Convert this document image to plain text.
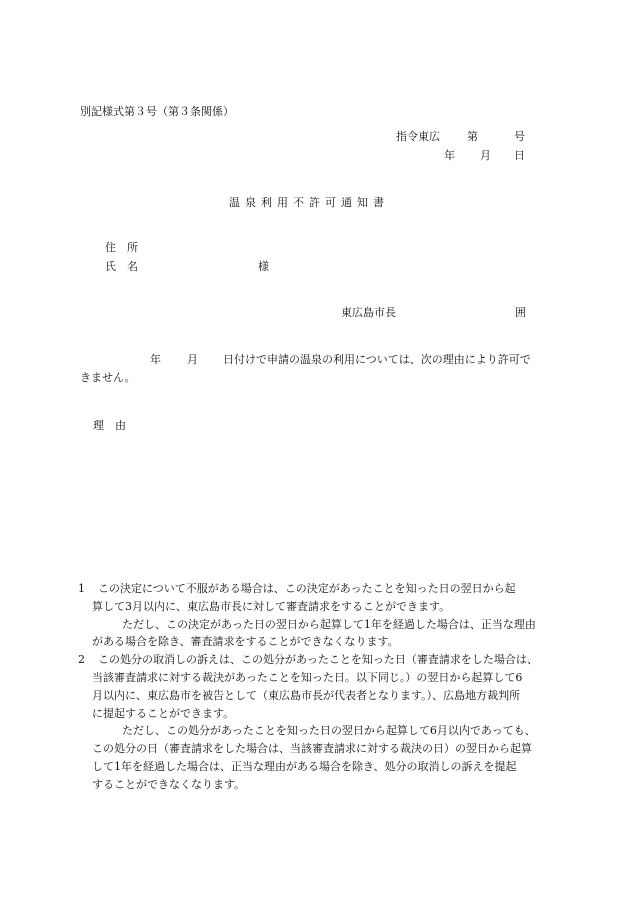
別記様式第３号（第３条関係）
指令東広 第	号
年 月 日
温泉利用不許可通知書
住　所
氏　名	様
東広島市長	囲
年 月 日付けで申請の温泉の利用については、次の理由により許可で
きません。
理　由
1 この決定について不服がある場合は、この決定があったことを知った日の翌日から起
算して3月以内に、東広島市長に対して審査請求をすることができます。
ただし、この決定があった日の翌日から起算して1年を経過した場合は、正当な理由
がある場合を除き、審査請求をすることができなくなります。
2 この処分の取消しの訴えは、この処分があったことを知った日（審査請求をした場合は、
当該審査請求に対する裁決があったことを知った日。以下同じ。）の翌日から起算して6
月以内に、東広島市を被告として（東広島市長が代表者となります。）、広島地方裁判所
に提起することができます。
ただし、この処分があったことを知った日の翌日から起算して6月以内であっても、
この処分の日（審査請求をした場合は、当該審査請求に対する裁決の日）の翌日から起算
して1年を経過した場合は、正当な理由がある場合を除き、処分の取消しの訴えを提起
することができなくなります。
